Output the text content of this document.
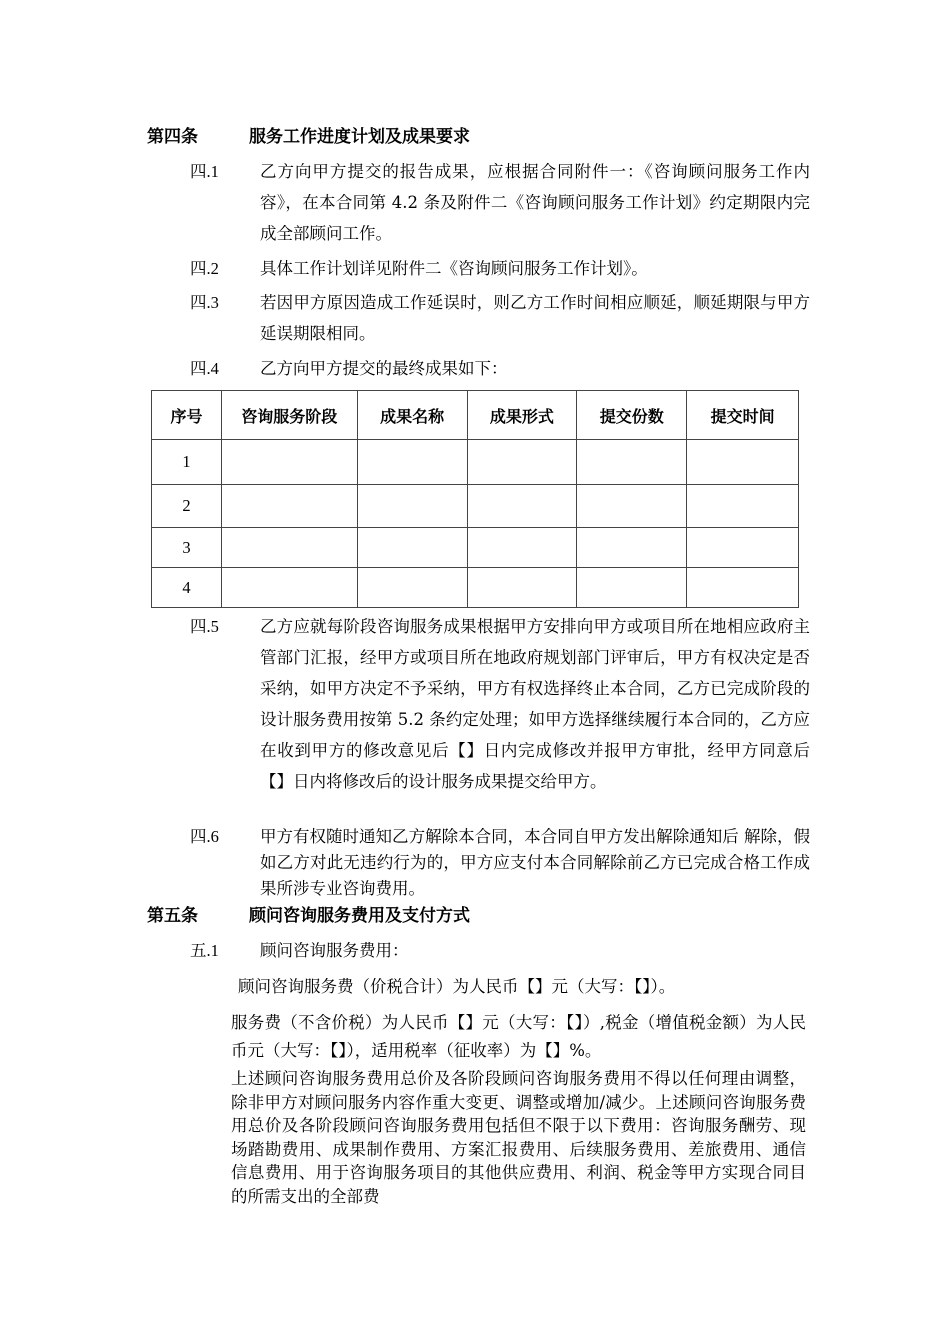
第四条	服务工作进度计划及成果要求
四.1 乙方向甲方提交的报告成果，应根据合同附件一：《咨询顾问服务工作内容》，在本合同第 4.2 条及附件二《咨询顾问服务工作计划》约定期限内完成全部顾问工作。
四.2 具体工作计划详见附件二《咨询顾问服务工作计划》。
四.3 若因甲方原因造成工作延误时，则乙方工作时间相应顺延，顺延期限与甲方延误期限相同。
四.4 乙方向甲方提交的最终成果如下：
序号	咨询服务阶段	成果名称	成果形式	提交份数	提交时间
1					
2					
3					
4					
四.5 乙方应就每阶段咨询服务成果根据甲方安排向甲方或项目所在地相应政府主管部门汇报，经甲方或项目所在地政府规划部门评审后，甲方有权决定是否采纳，如甲方决定不予采纳，甲方有权选择终止本合同，乙方已完成阶段的设计服务费用按第 5.2 条约定处理；如甲方选择继续履行本合同的，乙方应在收到甲方的修改意见后【】日内完成修改并报甲方审批，经甲方同意后【】日内将修改后的设计服务成果提交给甲方。
四.6 甲方有权随时通知乙方解除本合同，本合同自甲方发出解除通知后 解除，假如乙方对此无违约行为的，甲方应支付本合同解除前乙方已完成合格工作成果所涉专业咨询费用。
第五条	顾问咨询服务费用及支付方式
五.1 顾问咨询服务费用：
顾问咨询服务费（价税合计）为人民币【】元（大写：【】）。
服务费（不含价税）为人民币【】元（大写：【】）,税金（增值税金额）为人民币元（大写：【】），适用税率（征收率）为【】%。
上述顾问咨询服务费用总价及各阶段顾问咨询服务费用不得以任何理由调整，除非甲方对顾问服务内容作重大变更、调整或增加/减少。上述顾问咨询服务费用总价及各阶段顾问咨询服务费用包括但不限于以下费用：咨询服务酬劳、现场踏勘费用、成果制作费用、方案汇报费用、后续服务费用、差旅费用、通信信息费用、用于咨询服务项目的其他供应费用、利润、税金等甲方实现合同目的所需支出的全部费
